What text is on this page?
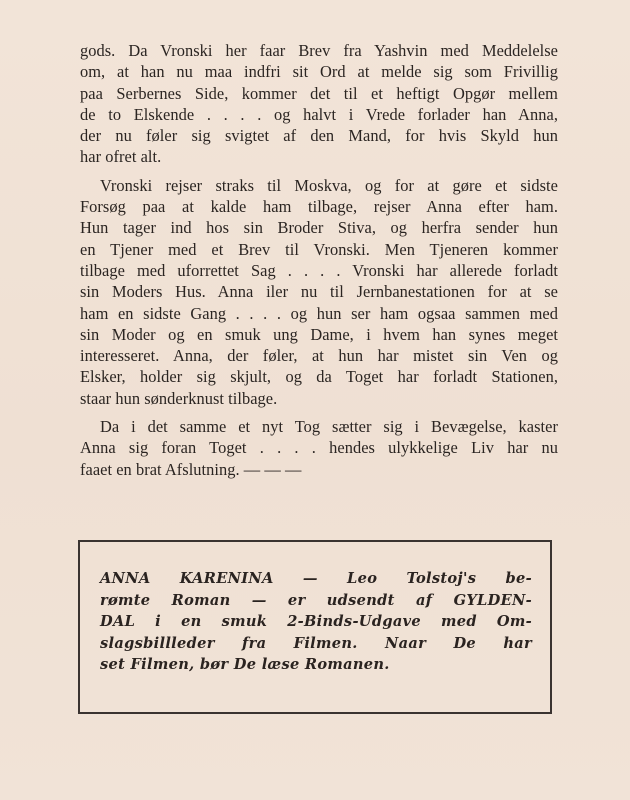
gods. Da Vronski her faar Brev fra Yashvin med Meddelelse
om, at han nu maa indfri sit Ord at melde sig som Frivillig
paa Serbernes Side, kommer det til et heftigt Opgør mellem
de to Elskende . . . . og halvt i Vrede forlader han Anna,
der nu føler sig svigtet af den Mand, for hvis Skyld hun
har ofret alt.

Vronski rejser straks til Moskva, og for at gøre et sidste
Forsøg paa at kalde ham tilbage, rejser Anna efter ham.
Hun tager ind hos sin Broder Stiva, og herfra sender hun
en Tjener med et Brev til Vronski. Men Tjeneren kommer
tilbage med uforrettet Sag . . . . Vronski har allerede forladt
sin Moders Hus. Anna iler nu til Jernbanestationen for at se
ham en sidste Gang . . . . og hun ser ham ogsaa sammen med
sin Moder og en smuk ung Dame, i hvem han synes meget
interesseret. Anna, der føler, at hun har mistet sin Ven og
Elsker, holder sig skjult, og da Toget har forladt Stationen,
staar hun sønderknust tilbage.

Da i det samme et nyt Tog sætter sig i Bevægelse, kaster
Anna sig foran Toget . . . . hendes ulykkelige Liv har nu
faaet en brat Afslutning. — — —

ANNA KARENINA — Leo Tolstoj's be-
rømte Roman — er udsendt af GYLDEN-
DAL i en smuk 2-Binds-Udgave med Om-
slagsbillleder fra Filmen. Naar De har
set Filmen, bør De læse Romanen.
